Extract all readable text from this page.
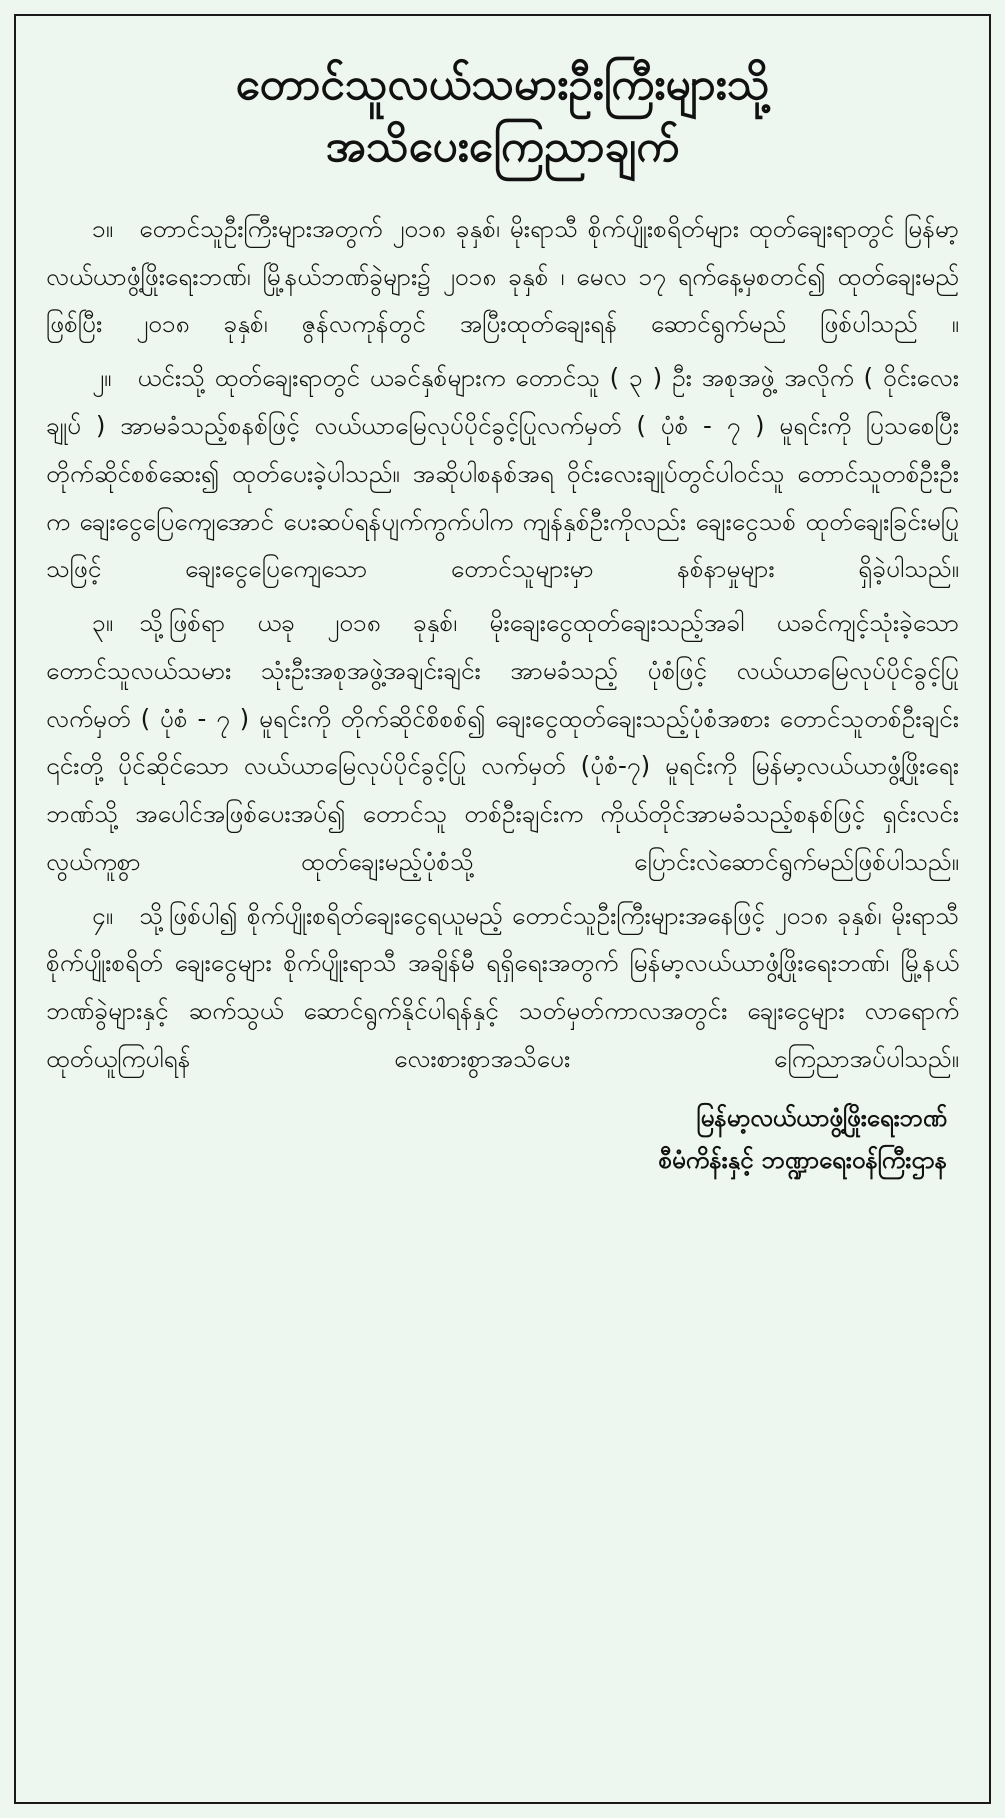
တောင်သူလယ်သမားဦးကြီးများသို့
အသိပေးကြေညာချက်

၁။ တောင်သူဦးကြီးများအတွက် ၂၀၁၈ ခုနှစ်၊ မိုးရာသီ စိုက်ပျိုးစရိတ်များ ထုတ်ချေးရာတွင် မြန်မာ့လယ်ယာဖွံ့ဖြိုးရေးဘဏ်၊ မြို့နယ်ဘဏ်ခွဲများ၌ ၂၀၁၈ ခုနှစ် ၊ မေလ ၁၇ ရက်နေ့မှစတင်၍ ထုတ်ချေးမည်ဖြစ်ပြီး ၂၀၁၈ ခုနှစ်၊ ဇွန်လကုန်တွင် အပြီးထုတ်ချေးရန် ဆောင်ရွက်မည် ဖြစ်ပါသည် ။

၂။ ယင်းသို့ ထုတ်ချေးရာတွင် ယခင်နှစ်များက တောင်သူ ( ၃ ) ဦး အစုအဖွဲ့ အလိုက် ( ဝိုင်းလေးချုပ် ) အာမခံသည့်စနစ်ဖြင့် လယ်ယာမြေလုပ်ပိုင်ခွင့်ပြုလက်မှတ် ( ပုံစံ - ၇ ) မူရင်းကို ပြသစေပြီး တိုက်ဆိုင်စစ်ဆေး၍ ထုတ်ပေးခဲ့ပါသည်။ အဆိုပါစနစ်အရ ဝိုင်းလေးချုပ်တွင်ပါဝင်သူ တောင်သူတစ်ဦးဦးက ချေးငွေပြေကျေအောင် ပေးဆပ်ရန်ပျက်ကွက်ပါက ကျန်နှစ်ဦးကိုလည်း ချေးငွေသစ် ထုတ်ချေးခြင်းမပြုသဖြင့် ချေးငွေပြေကျေသော တောင်သူများမှာ နစ်နာမှုများ ရှိခဲ့ပါသည်။

၃။ သို့ဖြစ်ရာ ယခု ၂၀၁၈ ခုနှစ်၊ မိုးချေးငွေထုတ်ချေးသည့်အခါ ယခင်ကျင့်သုံးခဲ့သော တောင်သူလယ်သမား သုံးဦးအစုအဖွဲ့အချင်းချင်း အာမခံသည့် ပုံစံဖြင့် လယ်ယာမြေလုပ်ပိုင်ခွင့်ပြုလက်မှတ် ( ပုံစံ - ၇ ) မူရင်းကို တိုက်ဆိုင်စိစစ်၍ ချေးငွေထုတ်ချေးသည့်ပုံစံအစား တောင်သူတစ်ဦးချင်း ၎င်းတို့ ပိုင်ဆိုင်သော လယ်ယာမြေလုပ်ပိုင်ခွင့်ပြု လက်မှတ် (ပုံစံ-၇) မူရင်းကို မြန်မာ့လယ်ယာဖွံ့ဖြိုးရေးဘဏ်သို့ အပေါင်အဖြစ်ပေးအပ်၍ တောင်သူ တစ်ဦးချင်းက ကိုယ်တိုင်အာမခံသည့်စနစ်ဖြင့် ရှင်းလင်းလွယ်ကူစွာ ထုတ်ချေးမည့်ပုံစံသို့ ပြောင်းလဲဆောင်ရွက်မည်ဖြစ်ပါသည်။

၄။ သို့ဖြစ်ပါ၍ စိုက်ပျိုးစရိတ်ချေးငွေရယူမည့် တောင်သူဦးကြီးများအနေဖြင့် ၂၀၁၈ ခုနှစ်၊ မိုးရာသီစိုက်ပျိုးစရိတ် ချေးငွေများ စိုက်ပျိုးရာသီ အချိန်မီ ရရှိရေးအတွက် မြန်မာ့လယ်ယာဖွံ့ဖြိုးရေးဘဏ်၊ မြို့နယ်ဘဏ်ခွဲများနှင့် ဆက်သွယ် ဆောင်ရွက်နိုင်ပါရန်နှင့် သတ်မှတ်ကာလအတွင်း ချေးငွေများ လာရောက် ထုတ်ယူကြပါရန် လေးစားစွာအသိပေး ကြေညာအပ်ပါသည်။

မြန်မာ့လယ်ယာဖွံ့ဖြိုးရေးဘဏ်
စီမံကိန်းနှင့် ဘဏ္ဍာရေးဝန်ကြီးဌာန
